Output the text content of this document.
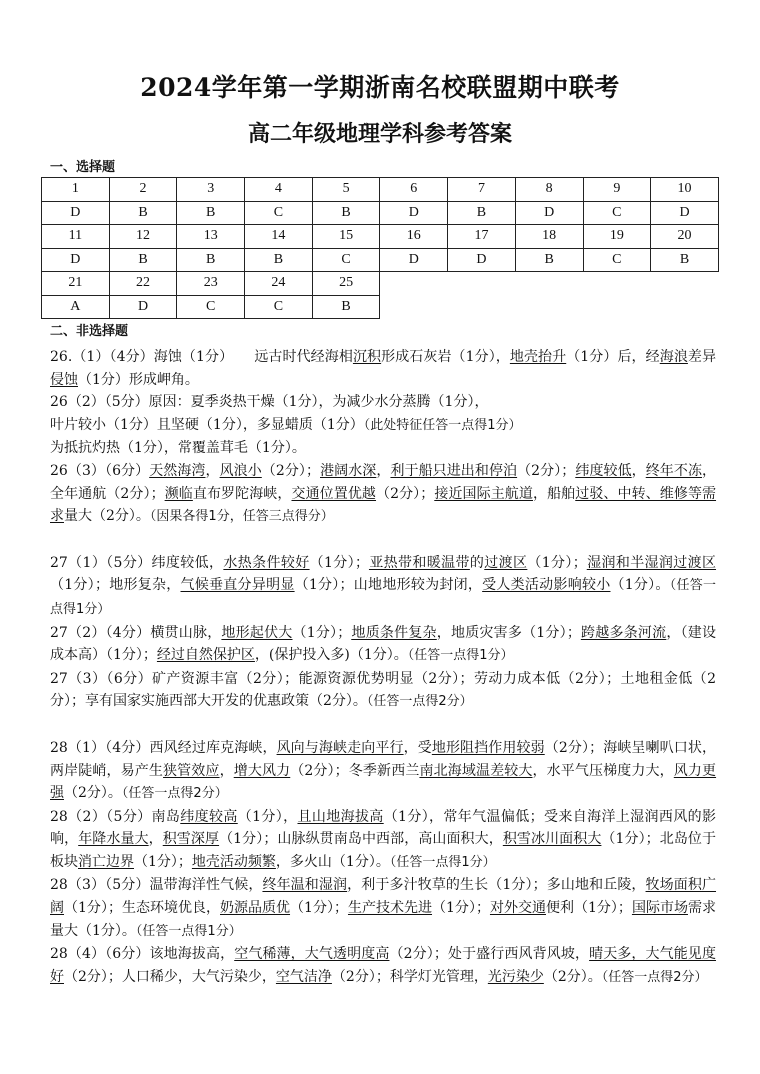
2024学年第一学期浙南名校联盟期中联考
高二年级地理学科参考答案
一、选择题
1	2	3	4	5	6	7	8	9	10
D	B	B	C	B	D	B	D	C	D
11	12	13	14	15	16	17	18	19	20
D	B	B	B	C	D	D	B	C	B
21	22	23	24	25					
A	D	C	C	B					
二、非选择题
26.（1）（4分）海蚀（1分）　　远古时代经海相沉积形成石灰岩（1分），地壳抬升（1分）后，经海浪差异侵蚀（1分）形成岬角。
26（2）（5分）原因：夏季炎热干燥（1分），为减少水分蒸腾（1分），
叶片较小（1分）且坚硬（1分），多显蜡质（1分）（此处特征任答一点得1分）
为抵抗灼热（1分），常覆盖茸毛（1分）。
26（3）（6分）天然海湾，风浪小（2分）；港阔水深，利于船只进出和停泊（2分）；纬度较低，终年不冻，全年通航（2分）；濒临直布罗陀海峡，交通位置优越（2分）；接近国际主航道，船舶过驳、中转、维修等需求量大（2分）。（因果各得1分，任答三点得分）
27（1）（5分）纬度较低，水热条件较好（1分）；亚热带和暖温带的过渡区（1分）；湿润和半湿润过渡区（1分）；地形复杂，气候垂直分异明显（1分）；山地地形较为封闭，受人类活动影响较小（1分）。（任答一点得1分）
27（2）（4分）横贯山脉，地形起伏大（1分）；地质条件复杂，地质灾害多（1分）；跨越多条河流，（建设成本高）（1分）；经过自然保护区，(保护投入多)（1分）。（任答一点得1分）
27（3）（6分）矿产资源丰富（2分）；能源资源优势明显（2分）；劳动力成本低（2分）；土地租金低（2分）；享有国家实施西部大开发的优惠政策（2分）。（任答一点得2分）
28（1）（4分）西风经过库克海峡，风向与海峡走向平行，受地形阻挡作用较弱（2分）；海峡呈喇叭口状，两岸陡峭，易产生狭管效应，增大风力（2分）；冬季新西兰南北海域温差较大，水平气压梯度力大，风力更强（2分）。（任答一点得2分）
28（2）（5分）南岛纬度较高（1分），且山地海拔高（1分），常年气温偏低；受来自海洋上湿润西风的影响，年降水量大，积雪深厚（1分）；山脉纵贯南岛中西部，高山面积大，积雪冰川面积大（1分）；北岛位于板块消亡边界（1分）；地壳活动频繁，多火山（1分）。（任答一点得1分）
28（3）（5分）温带海洋性气候，终年温和湿润，利于多汁牧草的生长（1分）；多山地和丘陵，牧场面积广阔（1分）；生态环境优良，奶源品质优（1分）；生产技术先进（1分）；对外交通便利（1分）；国际市场需求量大（1分）。（任答一点得1分）
28（4）（6分）该地海拔高，空气稀薄，大气透明度高（2分）；处于盛行西风背风坡，晴天多，大气能见度好（2分）；人口稀少，大气污染少，空气洁净（2分）；科学灯光管理，光污染少（2分）。（任答一点得2分）
